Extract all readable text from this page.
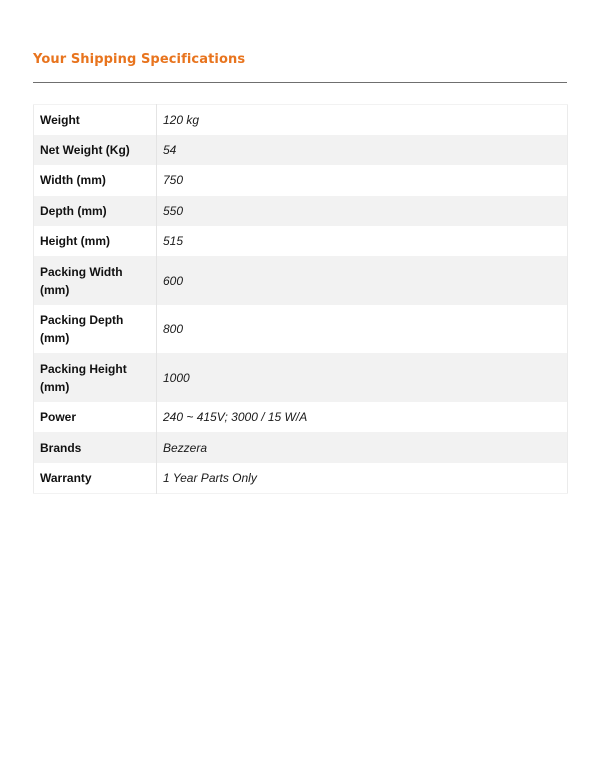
Your Shipping Specifications
Weight	120 kg
Net Weight (Kg)	54
Width (mm)	750
Depth (mm)	550
Height (mm)	515
Packing Width (mm)	600
Packing Depth (mm)	800
Packing Height (mm)	1000
Power	240 ~ 415V; 3000 / 15 W/A
Brands	Bezzera
Warranty	1 Year Parts Only
